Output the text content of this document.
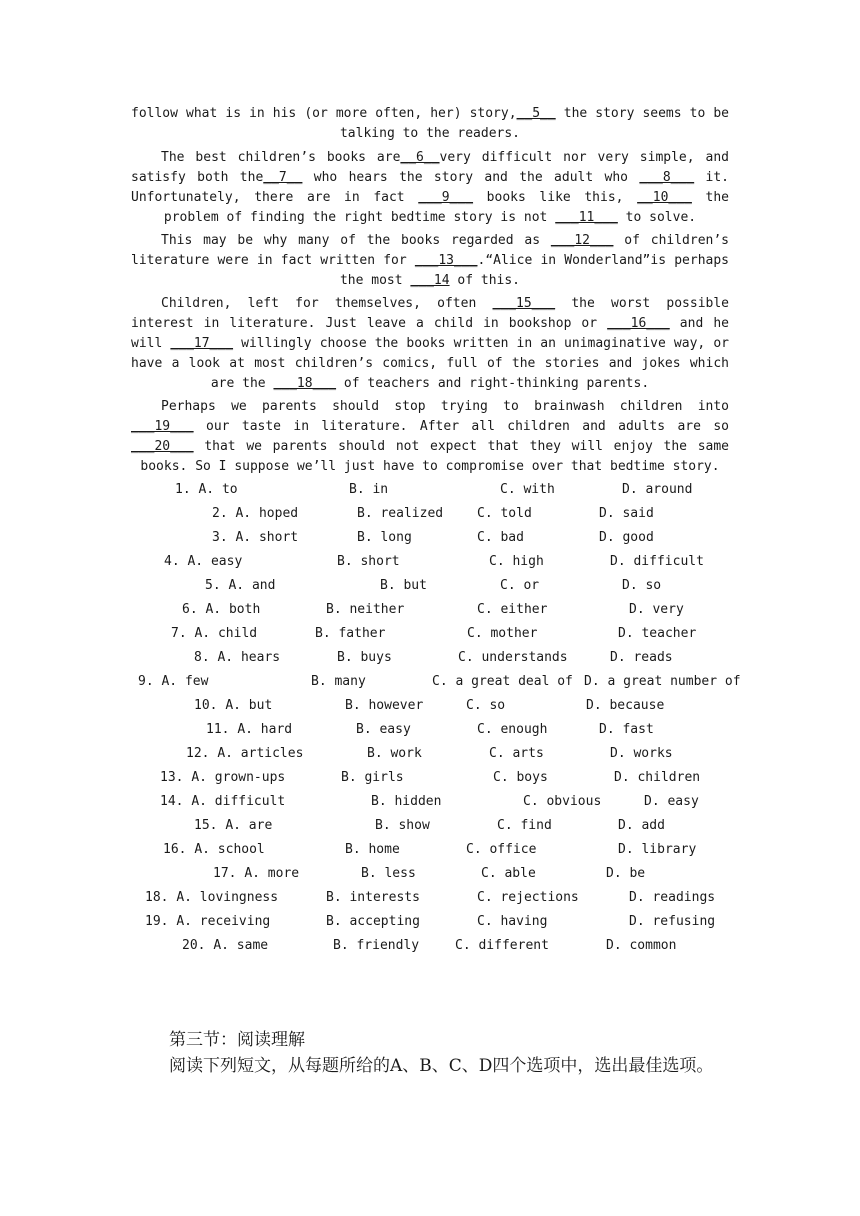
follow what is in his (or more often, her) story,__5__ the story seems to be talking to the readers.
The best children’s books are__6__very difficult nor very simple, and satisfy both the__7__ who hears the story and the adult who ___8___ it. Unfortunately, there are in fact ___9___ books like this, __10___ the problem of finding the right bedtime story is not ___11___ to solve.
This may be why many of the books regarded as ___12___ of children’s literature were in fact written for ___13___.“Alice in Wonderland”is perhaps the most ___14 of this.
Children, left for themselves, often ___15___ the worst possible interest in literature. Just leave a child in bookshop or ___16___ and he will ___17___ willingly choose the books written in an unimaginative way, or have a look at most children’s comics, full of the stories and jokes which are the ___18___ of teachers and right-thinking parents.
Perhaps we parents should stop trying to brainwash children into ___19___ our taste in literature. After all children and adults are so ___20___ that we parents should not expect that they will enjoy the same books. So I suppose we’ll just have to compromise over that bedtime story.
1. A. to	B. in	C. with	D. around
2. A. hoped	B. realized	C. told	D. said
3. A. short	B. long	C. bad	D. good
4. A. easy	B. short	C. high	D. difficult
5. A. and	B. but	C. or	D. so
6. A. both	B. neither	C. either	D. very
7. A. child	B. father	C. mother	D. teacher
8. A. hears	B. buys	C. understands	D. reads
9. A. few	B. many	C. a great deal of D. a great number of
10. A. but	B. however	C. so	D. because
11. A. hard	B. easy	C. enough	D. fast
12. A. articles	B. work	C. arts	D. works
13. A. grown-ups	B. girls	C. boys	D. children
14. A. difficult	B. hidden	C. obvious	D. easy
15. A. are	B. show	C. find	D. add
16. A. school	B. home	C. office	D. library
17. A. more	B. less	C. able	D. be
18. A. lovingness	B. interests	C. rejections	D. readings
19. A. receiving	B. accepting	C. having	D. refusing
20. A. same	B. friendly	C. different	D. common
第三节：阅读理解
阅读下列短文，从每题所给的A、B、C、D四个选项中，选出最佳选项。
